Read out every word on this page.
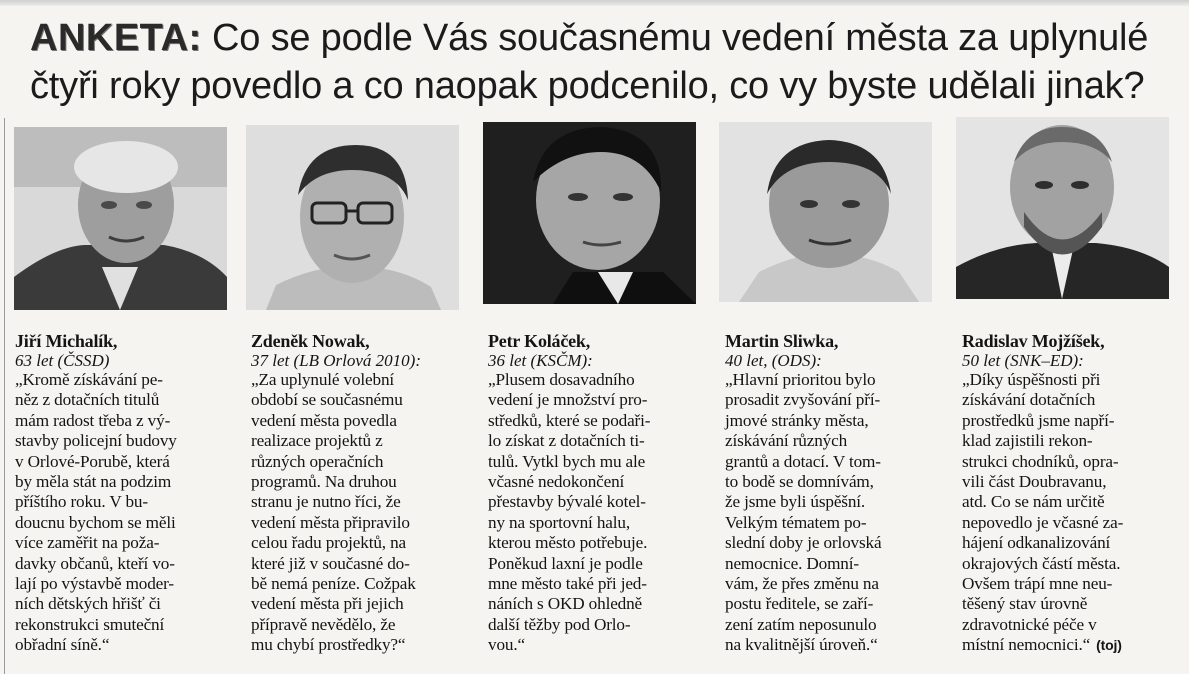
ANKETA: Co se podle Vás současnému vedení města za uplynulé
čtyři roky povedlo a co naopak podcenilo, co vy byste udělali jinak?
Jiří Michalík,
63 let (ČSSD)
„Kromě získávání pe-
něz z dotačních titulů
mám radost třeba z vý-
stavby policejní budovy
v Orlové-Porubě, která
by měla stát na podzim
příštího roku. V bu-
doucnu bychom se měli
více zaměřit na poža-
davky občanů, kteří vo-
lají po výstavbě moder-
ních dětských hřišť či
rekonstrukci smuteční
obřadní síně.“
Zdeněk Nowak,
37 let (LB Orlová 2010):
„Za uplynulé volební
období se současnému
vedení města povedla
realizace projektů z
různých operačních
programů. Na druhou
stranu je nutno říci, že
vedení města připravilo
celou řadu projektů, na
které již v současné do-
bě nemá peníze. Cožpak
vedení města při jejich
přípravě nevědělo, že
mu chybí prostředky?“
Petr Koláček,
36 let (KSČM):
„Plusem dosavadního
vedení je množství pro-
středků, které se podaři-
lo získat z dotačních ti-
tulů. Vytkl bych mu ale
včasné nedokončení
přestavby bývalé kotel-
ny na sportovní halu,
kterou město potřebuje.
Poněkud laxní je podle
mne město také při jed-
náních s OKD ohledně
další těžby pod Orlo-
vou.“
Martin Sliwka,
40 let, (ODS):
„Hlavní prioritou bylo
prosadit zvyšování pří-
jmové stránky města,
získávání různých
grantů a dotací. V tom-
to bodě se domnívám,
že jsme byli úspěšní.
Velkým tématem po-
slední doby je orlovská
nemocnice. Domní-
vám, že přes změnu na
postu ředitele, se zaří-
zení zatím neposunulo
na kvalitnější úroveň.“
Radislav Mojžíšek,
50 let (SNK–ED):
„Díky úspěšnosti při
získávání dotačních
prostředků jsme napří-
klad zajistili rekon-
strukci chodníků, opra-
vili část Doubravanu,
atd. Co se nám určitě
nepovedlo je včasné za-
hájení odkanalizování
okrajových částí města.
Ovšem trápí mne neu-
těšený stav úrovně
zdravotnické péče v
místní nemocnici.“ (toj)
